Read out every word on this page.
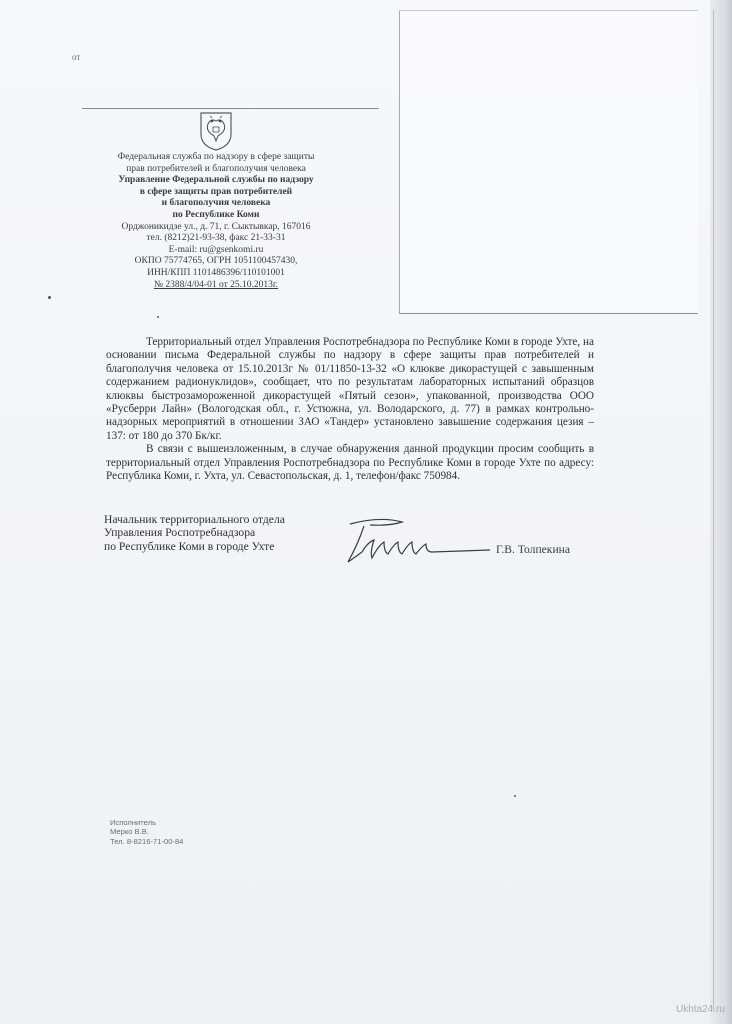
от
Федеральная служба по надзору в сфере защиты
прав потребителей и благополучия человека
Управление Федеральной службы по надзору
в сфере защиты прав потребителей
и благополучия человека
по Республике Коми
Орджоникидзе ул., д. 71, г. Сыктывкар, 167016
тел. (8212)21-93-38, факс 21-33-31
E-mail: ru@gsenkomi.ru
ОКПО 75774765, ОГРН 1051100457430,
ИНН/КПП 1101486396/110101001
№ 2388/4/04-01 от 25.10.2013г.

Территориальный отдел Управления Роспотребнадзора по Республике Коми в городе Ухте, на основании письма Федеральной службы по надзору в сфере защиты прав потребителей и благополучия человека от 15.10.2013г № 01/11850-13-32 «О клюкве дикорастущей с завышенным содержанием радионуклидов», сообщает, что по результатам лабораторных испытаний образцов клюквы быстрозамороженной дикорастущей «Пятый сезон», упакованной, производства ООО «Русберри Лайн» (Вологодская обл., г. Устюжна, ул. Володарского, д. 77) в рамках контрольно-надзорных мероприятий в отношении ЗАО «Тандер» установлено завышение содержания цезия – 137: от 180 до 370 Бк/кг.

В связи с вышеизложенным, в случае обнаружения данной продукции просим сообщить в территориальный отдел Управления Роспотребнадзора по Республике Коми в городе Ухте по адресу: Республика Коми, г. Ухта, ул. Севастопольская, д. 1, телефон/факс 750984.

Начальник территориального отдела
Управления Роспотребнадзора
по Республике Коми в городе Ухте	Г.В. Толпекина
Исполнитель
Мерко В.В.
Тел. 8-8216-71-00-84
Ukhta24.ru
